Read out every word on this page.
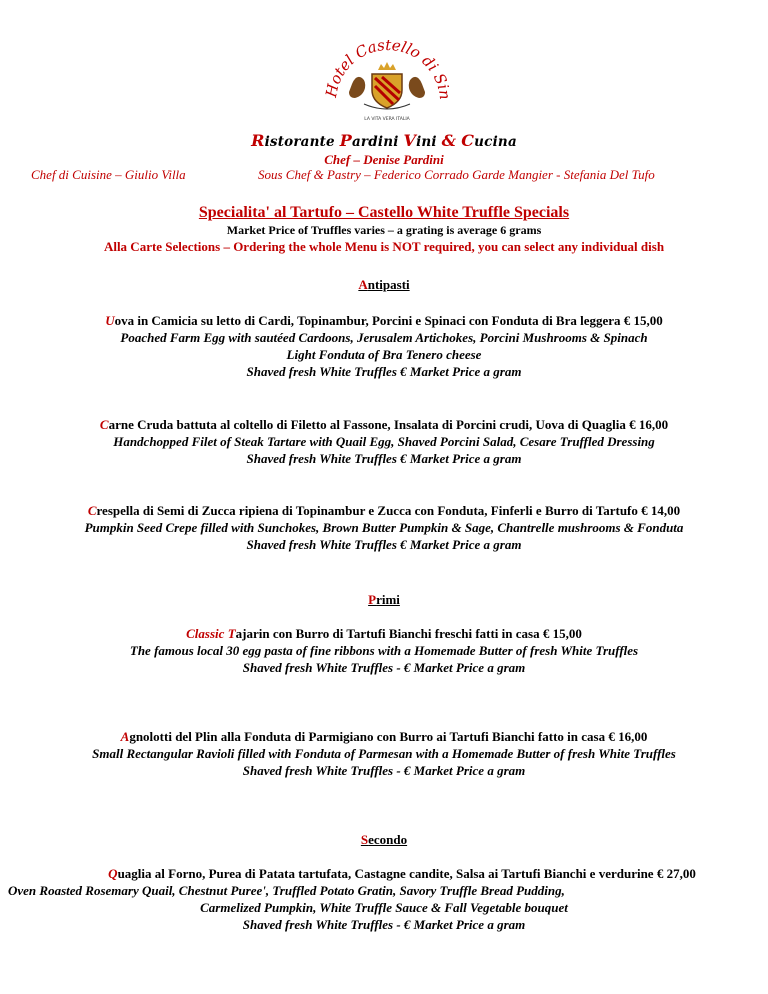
Hotel Castello di Si
LA VITA VERA ITALIA
Ristorante Pardini Vini & Cucina
Chef – Denise Pardini
Chef di Cuisine – Giulio Villa	Sous Chef & Pastry – Federico Corrado Garde Mangier - Stefania Del Tufo
Specialita' al Tartufo – Castello White Truffle Specials
Market Price of Truffles varies – a grating is average 6 grams
Alla Carte Selections – Ordering the whole Menu is NOT required, you can select any individual dish
Antipasti
Uova in Camicia su letto di Cardi, Topinambur, Porcini e Spinaci con Fonduta di Bra leggera € 15,00
Poached Farm Egg with sautéed Cardoons, Jerusalem Artichokes, Porcini Mushrooms & Spinach
Light Fonduta of Bra Tenero cheese
Shaved fresh White Truffles € Market Price a gram
Carne Cruda battuta al coltello di Filetto al Fassone, Insalata di Porcini crudi, Uova di Quaglia € 16,00
Handchopped Filet of Steak Tartare with Quail Egg, Shaved Porcini Salad, Cesare Truffled Dressing
Shaved fresh White Truffles € Market Price a gram
Crespella di Semi di Zucca ripiena di Topinambur e Zucca con Fonduta, Finferli e Burro di Tartufo € 14,00
Pumpkin Seed Crepe filled with Sunchokes, Brown Butter Pumpkin & Sage, Chantrelle mushrooms & Fonduta
Shaved fresh White Truffles € Market Price a gram
Primi
Classic Tajarin con Burro di Tartufi Bianchi freschi fatti in casa € 15,00
The famous local 30 egg pasta of fine ribbons with a Homemade Butter of fresh White Truffles
Shaved fresh White Truffles - € Market Price a gram
Agnolotti del Plin alla Fonduta di Parmigiano con Burro ai Tartufi Bianchi fatto in casa € 16,00
Small Rectangular Ravioli filled with Fonduta of Parmesan with a Homemade Butter of fresh White Truffles
Shaved fresh White Truffles - € Market Price a gram
Secondo
Quaglia al Forno, Purea di Patata tartufata, Castagne candite, Salsa ai Tartufi Bianchi e verdurine € 27,00
Oven Roasted Rosemary Quail, Chestnut Puree', Truffled Potato Gratin, Savory Truffle Bread Pudding,
Carmelized Pumpkin, White Truffle Sauce & Fall Vegetable bouquet
Shaved fresh White Truffles - € Market Price a gram
